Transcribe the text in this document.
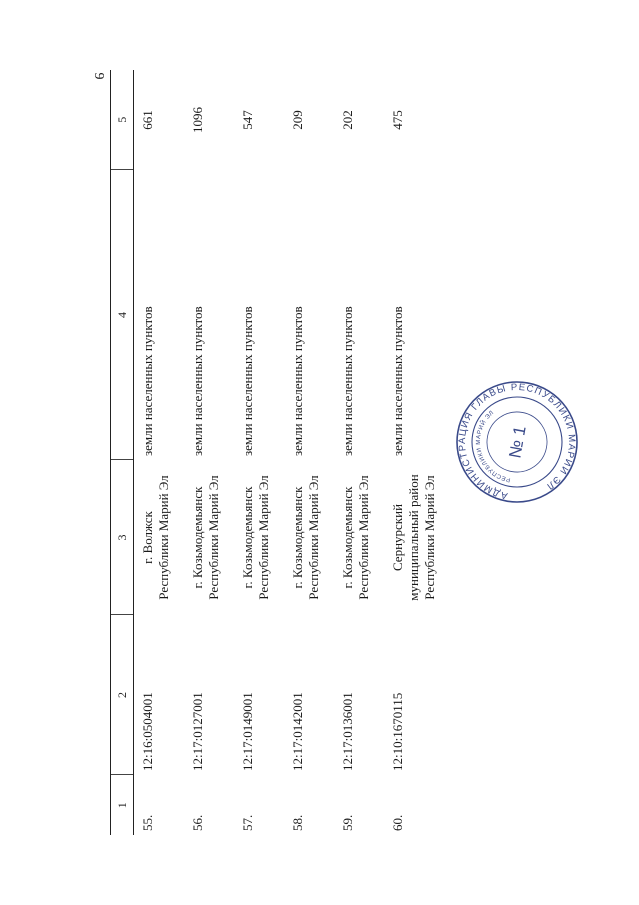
9
1	2	3	4	5
55.	12:16:0504001	г. Волжск Республики Марий Эл	земли населенных пунктов	661
56.	12:17:0127001	г. Козьмодемьянск Республики Марий Эл	земли населенных пунктов	1096
57.	12:17:0149001	г. Козьмодемьянск Республики Марий Эл	земли населенных пунктов	547
58.	12:17:0142001	г. Козьмодемьянск Республики Марий Эл	земли населенных пунктов	209
59.	12:17:0136001	г. Козьмодемьянск Республики Марий Эл	земли населенных пунктов	202
60.	12:10:1670115	Сернурский муниципальный район Республики Марий Эл	земли населенных пунктов	475
АДМИНИСТРАЦИЯ ГЛАВЫ РЕСПУБЛИКИ МАРИЙ ЭЛ
РЕСПУБЛИКИ МАРИЙ ЭЛ
№ 1
